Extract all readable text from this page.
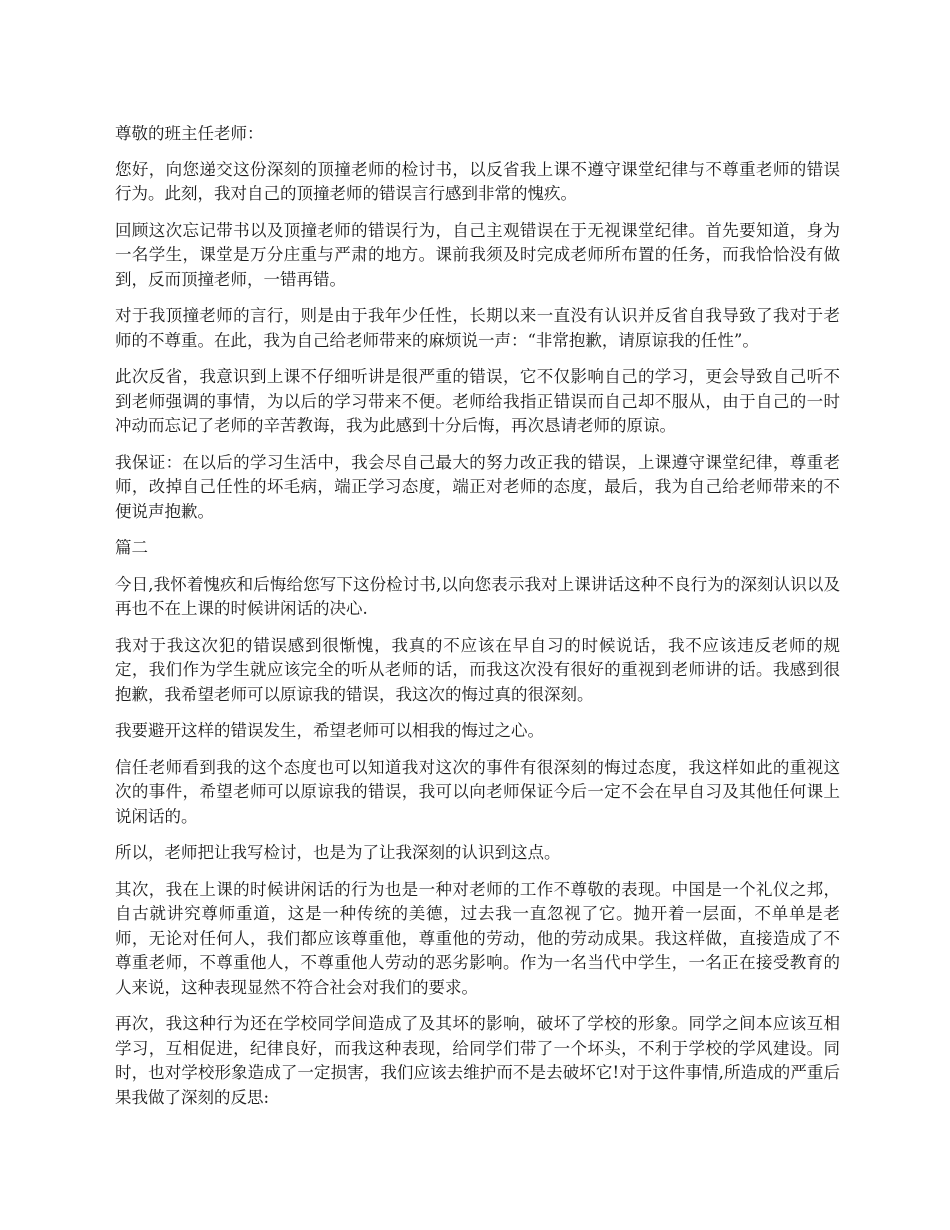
尊敬的班主任老师：

您好，向您递交这份深刻的顶撞老师的检讨书，以反省我上课不遵守课堂纪律与不尊重老师的错误行为。此刻，我对自己的顶撞老师的错误言行感到非常的愧疚。

回顾这次忘记带书以及顶撞老师的错误行为，自己主观错误在于无视课堂纪律。首先要知道，身为一名学生，课堂是万分庄重与严肃的地方。课前我须及时完成老师所布置的任务，而我恰恰没有做到，反而顶撞老师，一错再错。

对于我顶撞老师的言行，则是由于我年少任性，长期以来一直没有认识并反省自我导致了我对于老师的不尊重。在此，我为自己给老师带来的麻烦说一声：“非常抱歉，请原谅我的任性”。

此次反省，我意识到上课不仔细听讲是很严重的错误，它不仅影响自己的学习，更会导致自己听不到老师强调的事情，为以后的学习带来不便。老师给我指正错误而自己却不服从，由于自己的一时冲动而忘记了老师的辛苦教诲，我为此感到十分后悔，再次恳请老师的原谅。

我保证：在以后的学习生活中，我会尽自己最大的努力改正我的错误，上课遵守课堂纪律，尊重老师，改掉自己任性的坏毛病，端正学习态度，端正对老师的态度，最后，我为自己给老师带来的不便说声抱歉。

篇二

今日,我怀着愧疚和后悔给您写下这份检讨书,以向您表示我对上课讲话这种不良行为的深刻认识以及再也不在上课的时候讲闲话的决心.

我对于我这次犯的错误感到很惭愧，我真的不应该在早自习的时候说话，我不应该违反老师的规定，我们作为学生就应该完全的听从老师的话，而我这次没有很好的重视到老师讲的话。我感到很抱歉，我希望老师可以原谅我的错误，我这次的悔过真的很深刻。

我要避开这样的错误发生，希望老师可以相我的悔过之心。

信任老师看到我的这个态度也可以知道我对这次的事件有很深刻的悔过态度，我这样如此的重视这次的事件，希望老师可以原谅我的错误，我可以向老师保证今后一定不会在早自习及其他任何课上说闲话的。

所以，老师把让我写检讨，也是为了让我深刻的认识到这点。

其次，我在上课的时候讲闲话的行为也是一种对老师的工作不尊敬的表现。中国是一个礼仪之邦，自古就讲究尊师重道，这是一种传统的美德，过去我一直忽视了它。抛开着一层面，不单单是老师，无论对任何人，我们都应该尊重他，尊重他的劳动，他的劳动成果。我这样做，直接造成了不尊重老师，不尊重他人，不尊重他人劳动的恶劣影响。作为一名当代中学生，一名正在接受教育的人来说，这种表现显然不符合社会对我们的要求。

再次，我这种行为还在学校同学间造成了及其坏的影响，破坏了学校的形象。同学之间本应该互相学习，互相促进，纪律良好，而我这种表现，给同学们带了一个坏头，不利于学校的学风建设。同时，也对学校形象造成了一定损害，我们应该去维护而不是去破坏它!对于这件事情,所造成的严重后果我做了深刻的反思:
